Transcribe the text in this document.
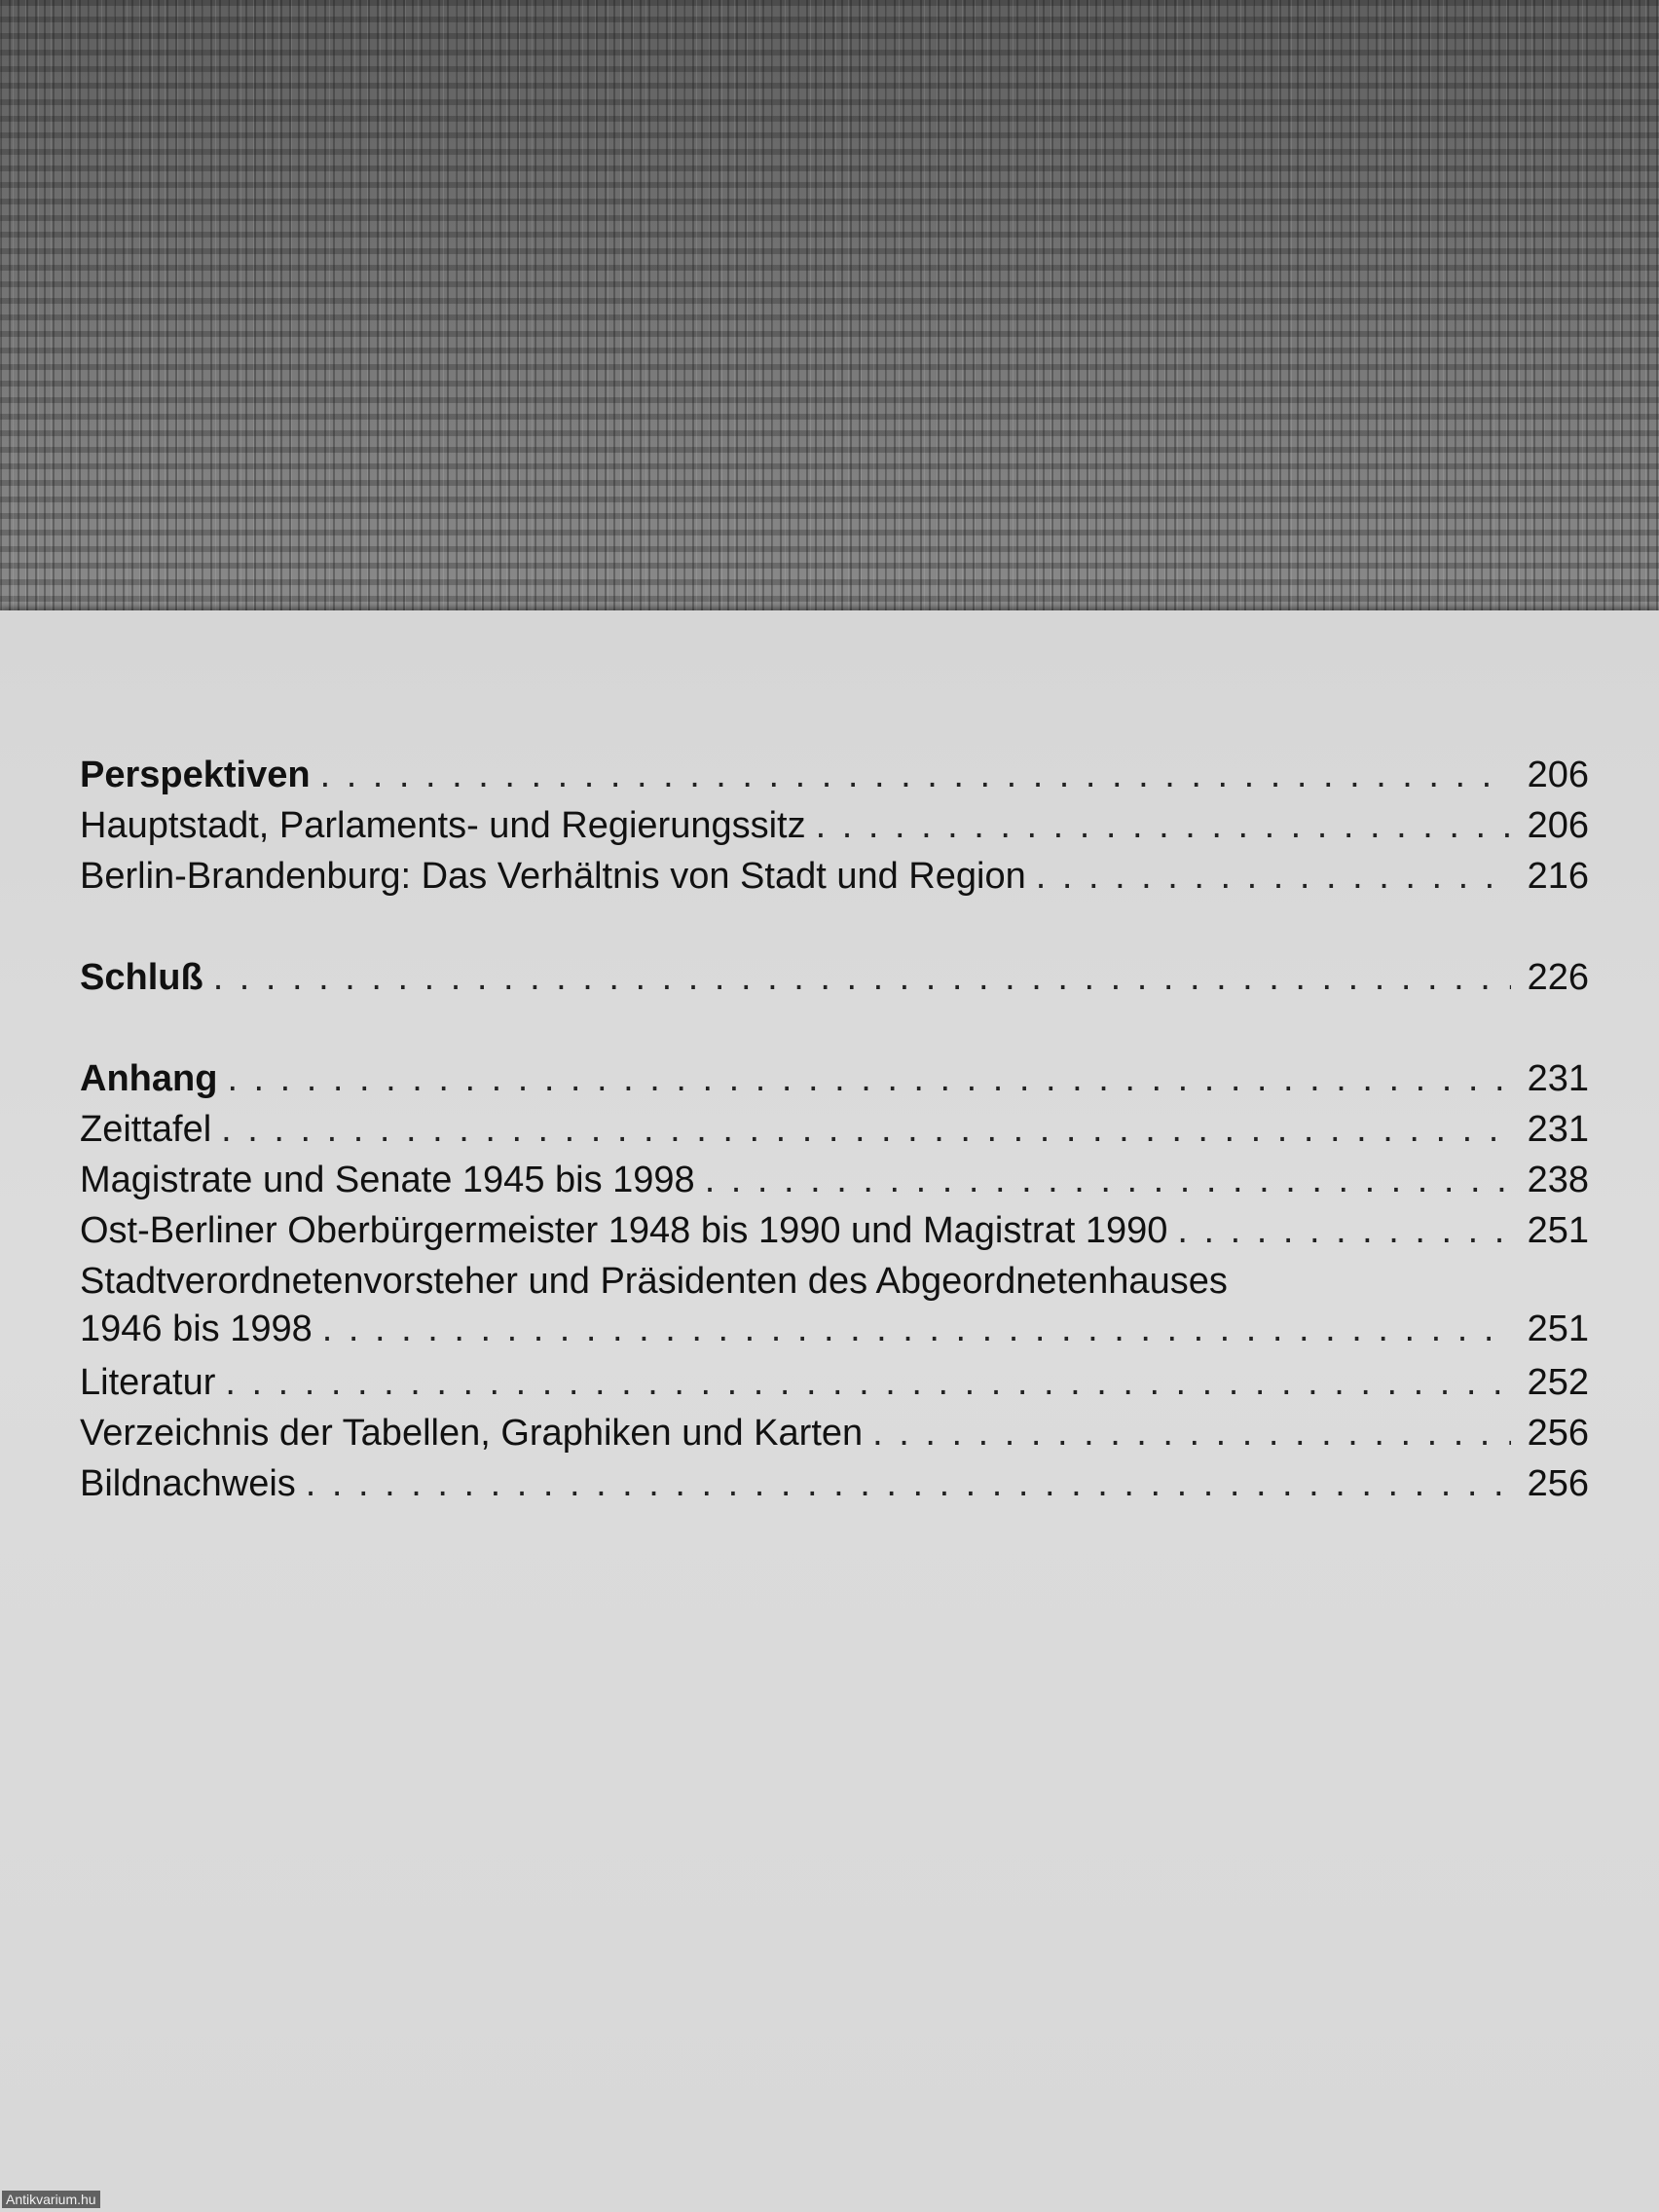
Perspektiven . . .	206
Hauptstadt, Parlaments- und Regierungssitz . . .	206
Berlin-Brandenburg: Das Verhältnis von Stadt und Region . . .	216
Schluß . . .	226
Anhang . . .	231
Zeittafel . . .	231
Magistrate und Senate 1945 bis 1998 . . .	238
Ost-Berliner Oberbürgermeister 1948 bis 1990 und Magistrat 1990 . . .	251
Stadtverordnetenvorsteher und Präsidenten des Abgeordnetenhauses
1946 bis 1998 . . .	251
Literatur . . .	252
Verzeichnis der Tabellen, Graphiken und Karten . . .	256
Bildnachweis . . .	256
Antikvarium.hu
